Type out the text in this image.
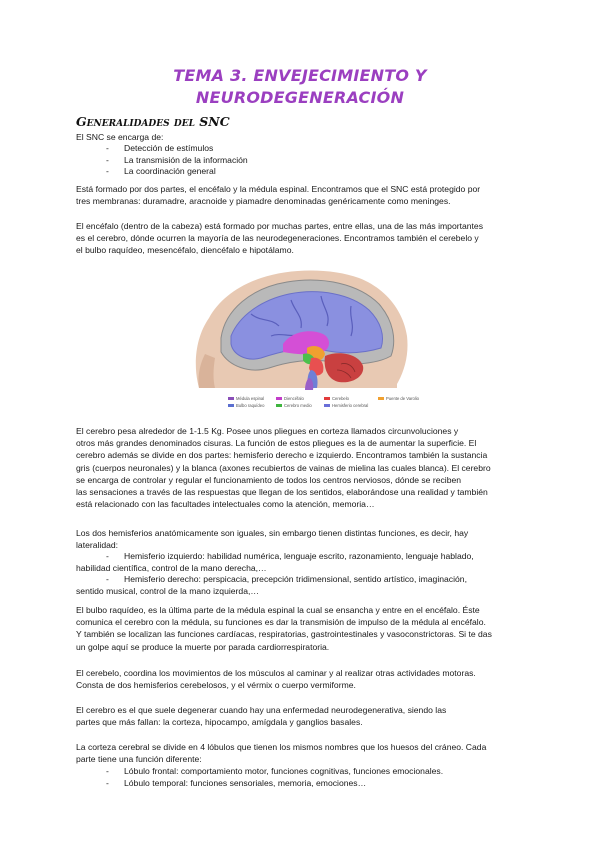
TEMA 3. ENVEJECIMIENTO Y
NEURODEGENERACIÓN
Generalidades del SNC
El SNC se encarga de:
- Detección de estímulos
- La transmisión de la información
- La coordinación general

Está formado por dos partes, el encéfalo y la médula espinal. Encontramos que el SNC está protegido por

tres membranas: duramadre, aracnoide y piamadre denominadas genéricamente como meninges.

El encéfalo (dentro de la cabeza) está formado por muchas partes, entre ellas, una de las más importantes

es el cerebro, dónde ocurren la mayoría de las neurodegeneraciones. Encontramos también el cerebelo y

el bulbo raquídeo, mesencéfalo, diencéfalo e hipotálamo.

Médula espinal
Bulbo raquídeo
Diencéfalo
Cerebro medio
Cerebelo
Hemisferio cerebral
Puente de Varolio

El cerebro pesa alrededor de 1-1.5 Kg. Posee unos pliegues en corteza llamados circunvoluciones y

otros más grandes denominados cisuras. La función de estos pliegues es la de aumentar la superficie. El

cerebro además se divide en dos partes: hemisferio derecho e izquierdo. Encontramos también la sustancia

gris (cuerpos neuronales) y la blanca (axones recubiertos de vainas de mielina las cuales blanca). El cerebro

se encarga de controlar y regular el funcionamiento de todos los centros nerviosos, dónde se reciben

las sensaciones a través de las respuestas que llegan de los sentidos, elaborándose una realidad y también

está relacionado con las facultades intelectuales como la atención, memoria…

Los dos hemisferios anatómicamente son iguales, sin embargo tienen distintas funciones, es decir, hay

lateralidad:

- Hemisferio izquierdo: habilidad numérica, lenguaje escrito, razonamiento, lenguaje hablado,
habilidad científica, control de la mano derecha,…
- Hemisferio derecho: perspicacia, precepción tridimensional, sentido artístico, imaginación,
sentido musical, control de la mano izquierda,…

El bulbo raquídeo, es la última parte de la médula espinal la cual se ensancha y entre en el encéfalo. Éste

comunica el cerebro con la médula, su funciones es dar la transmisión de impulso de la médula al encéfalo.

Y también se localizan las funciones cardíacas, respiratorias, gastrointestinales y vasoconstrictoras. Si te das

un golpe aquí se produce la muerte por parada cardiorrespiratoria.

El cerebelo, coordina los movimientos de los músculos al caminar y al realizar otras actividades motoras.

Consta de dos hemisferios cerebelosos, y el vérmix o cuerpo vermiforme.

El cerebro es el que suele degenerar cuando hay una enfermedad neurodegenerativa, siendo las

partes que más fallan: la corteza, hipocampo, amígdala y ganglios basales.

La corteza cerebral se divide en 4 lóbulos que tienen los mismos nombres que los huesos del cráneo. Cada

parte tiene una función diferente:

- Lóbulo frontal: comportamiento motor, funciones cognitivas, funciones emocionales.
- Lóbulo temporal: funciones sensoriales, memoria, emociones…
